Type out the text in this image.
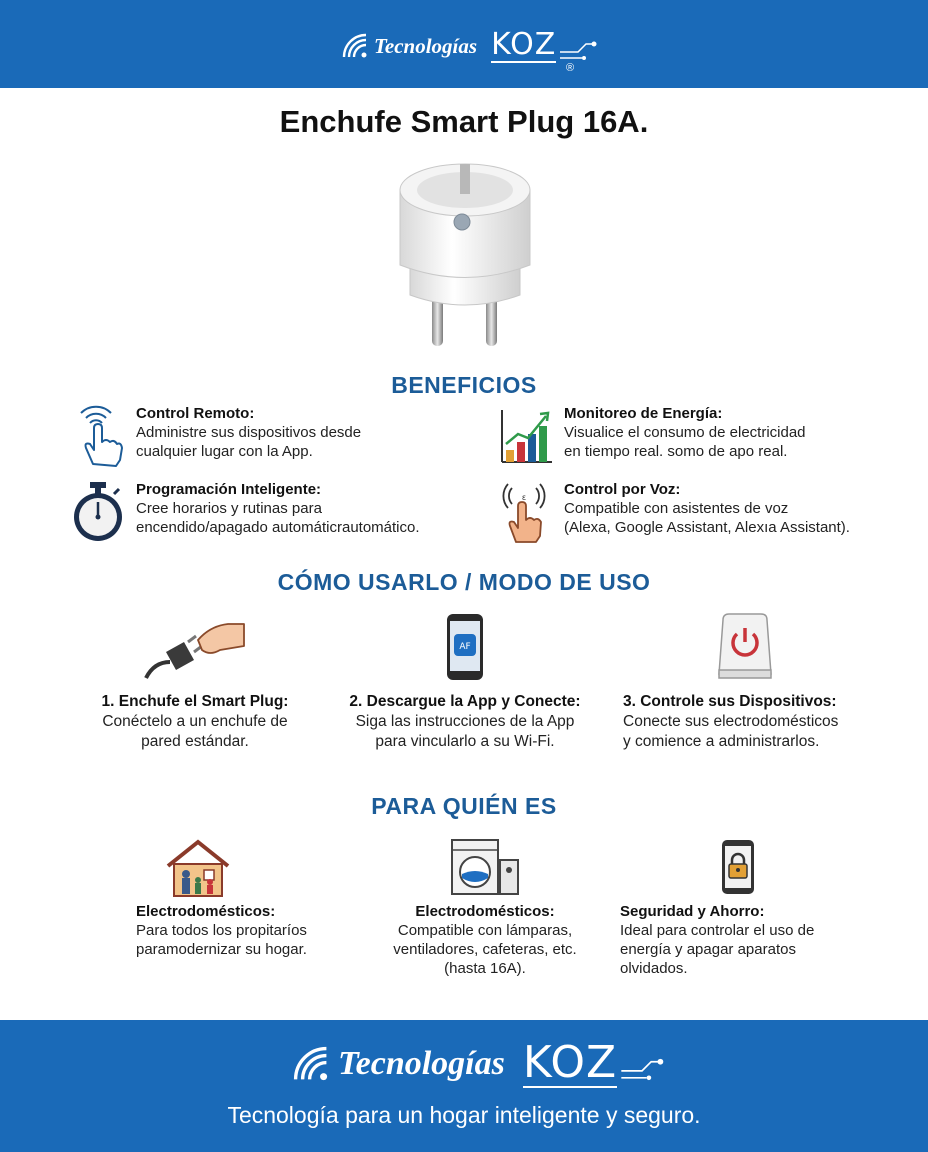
Tecnologías KOZ
®
Enchufe Smart Plug 16A.
BENEFICIOS
Control Remoto:
Administre sus dispositivos desde
cualquier lugar con la App.
Monitoreo de Energía:
Visualice el consumo de electricidad
en tiempo real. somo de apo real.
Programación Inteligente:
Cree horarios y rutinas para
encendido/apagado automáticrautomático.
ε	Control por Voz:
Compatible con asistentes de voz
(Alexa, Google Assistant, Alexıa Assistant).
CÓMO USARLO / MODO DE USO
1. Enchufe el Smart Plug:
Conéctelo a un enchufe de
pared estándar.
AF
2. Descargue la App y Conecte:
Siga las instrucciones de la App
para vincularlo a su Wi-Fi.
3. Controle sus Dispositivos:
Conecte sus electrodomésticos
y comience a administrarlos.
PARA QUIÉN ES
Electrodomésticos:
Para todos los propitaríos
paramodernizar su hogar.
Electrodomésticos:
Compatible con lámparas,
ventiladores, cafeteras, etc.
(hasta 16A).
Seguridad y Ahorro:
Ideal para controlar el uso de
energía y apagar aparatos
olvidados.
Tecnologías KOZ
Tecnología para un hogar inteligente y seguro.
